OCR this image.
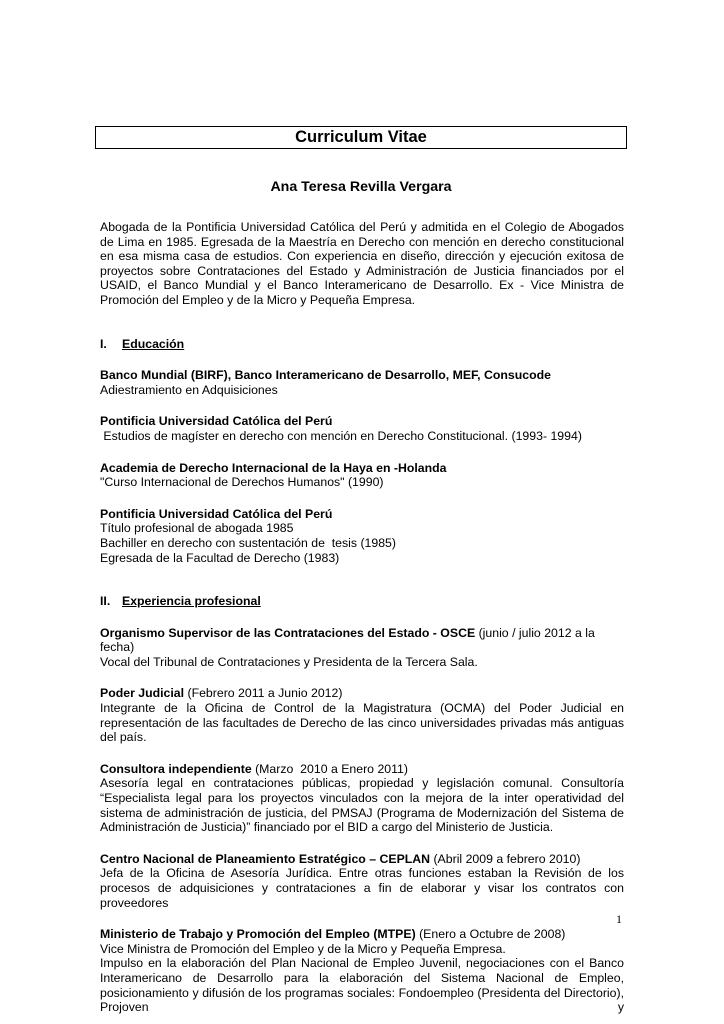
Curriculum Vitae
Ana Teresa Revilla Vergara

Abogada de la Pontificia Universidad Católica del Perú y admitida en el Colegio de Abogados de Lima en 1985. Egresada de la Maestría en Derecho con mención en derecho constitucional en esa misma casa de estudios. Con experiencia en diseño, dirección y ejecución exitosa de proyectos sobre Contrataciones del Estado y Administración de Justicia financiados por el USAID, el Banco Mundial y el Banco Interamericano de Desarrollo. Ex - Vice Ministra de Promoción del Empleo y de la Micro y Pequeña Empresa.

I. Educación

Banco Mundial (BIRF), Banco Interamericano de Desarrollo, MEF, Consucode

Adiestramiento en Adquisiciones

Pontificia Universidad Católica del Perú

Estudios de magíster en derecho con mención en Derecho Constitucional. (1993- 1994)

Academia de Derecho Internacional de la Haya en -Holanda

"Curso Internacional de Derechos Humanos" (1990)

Pontificia Universidad Católica del Perú

Título profesional de abogada 1985

Bachiller en derecho con sustentación de  tesis (1985)

Egresada de la Facultad de Derecho (1983)

II. Experiencia profesional

Organismo Supervisor de las Contrataciones del Estado - OSCE (junio / julio 2012 a la fecha)

Vocal del Tribunal de Contrataciones y Presidenta de la Tercera Sala.

Poder Judicial (Febrero 2011 a Junio 2012)

Integrante de la Oficina de Control de la Magistratura (OCMA) del Poder Judicial en representación de las facultades de Derecho de las cinco universidades privadas más antiguas del país.

Consultora independiente (Marzo  2010 a Enero 2011)

Asesoría legal en contrataciones públicas, propiedad y legislación comunal. Consultoría “Especialista legal para los proyectos vinculados con la mejora de la inter operatividad del sistema de administración de justicia, del PMSAJ (Programa de Modernización del Sistema de Administración de Justicia)” financiado por el BID a cargo del Ministerio de Justicia.

Centro Nacional de Planeamiento Estratégico – CEPLAN (Abril 2009 a febrero 2010)

Jefa de la Oficina de Asesoría Jurídica. Entre otras funciones estaban la Revisión de los procesos de adquisiciones y contrataciones a fin de elaborar y visar los contratos con proveedores

Ministerio de Trabajo y Promoción del Empleo (MTPE) (Enero a Octubre de 2008)

Vice Ministra de Promoción del Empleo y de la Micro y Pequeña Empresa.

Impulso en la elaboración del Plan Nacional de Empleo Juvenil, negociaciones con el Banco Interamericano de Desarrollo para la elaboración del Sistema Nacional de Empleo, posicionamiento y difusión de los programas sociales: Fondoempleo (Presidenta del Directorio), Projoven y

1
